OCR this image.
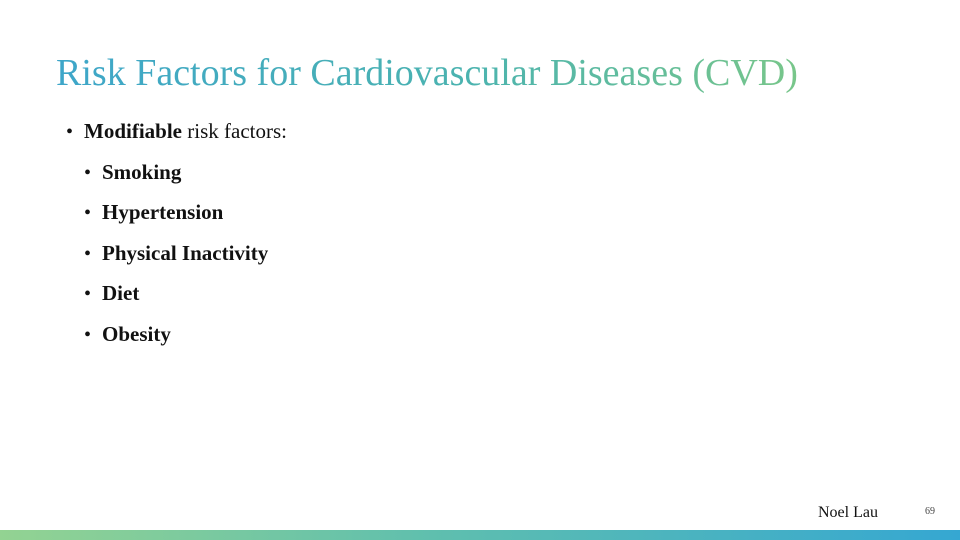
Risk Factors for Cardiovascular Diseases (CVD)
• Modifiable risk factors:
• Smoking
• Hypertension
• Physical Inactivity
• Diet
• Obesity
Noel Lau	69
